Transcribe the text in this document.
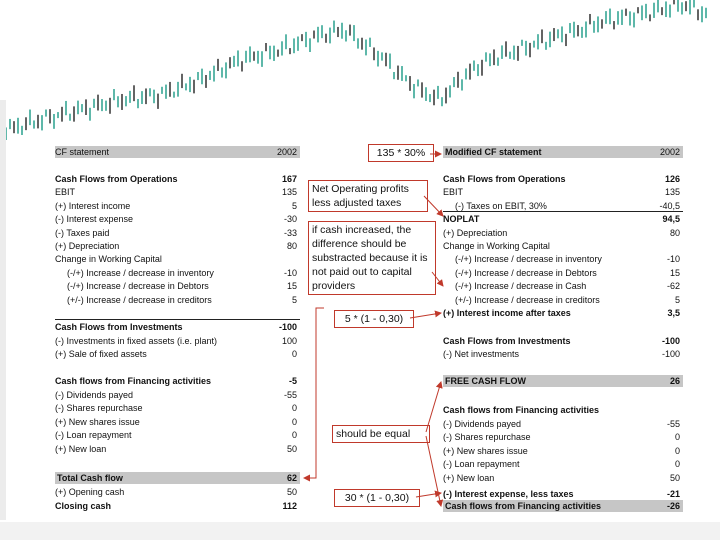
CF statement	2002
Cash Flows from Operations	167
EBIT	135
(+) Interest income	5
(-) Interest expense	-30
(-) Taxes paid	-33
(+) Depreciation	80
Change in Working Capital
(-/+) Increase / decrease in inventory	-10
(-/+) Increase / decrease in Debtors	15
(+/-) Increase / decrease in creditors	5
Cash Flows from Investments	-100
(-) Investments in fixed assets (i.e. plant)	100
(+) Sale of fixed assets	0
Cash flows from Financing activities	-5
(-) Dividends payed	-55
(-) Shares repurchase	0
(+) New shares issue	0
(-) Loan repayment	0
(+) New loan	50
Total Cash flow	62
(+) Opening cash	50
Closing cash	112
Modified CF statement	2002
Cash Flows from Operations	126
EBIT	135
(-) Taxes on EBIT, 30%	-40,5
NOPLAT	94,5
(+) Depreciation	80
Change in Working Capital
(-/+) Increase / decrease in inventory	-10
(-/+) Increase / decrease in Debtors	15
(-/+) Increase / decrease in Cash	-62
(+/-) Increase / decrease in creditors	5
(+) Interest income after taxes	3,5
Cash Flows from Investments	-100
(-) Net investments	-100
FREE CASH FLOW	26
Cash flows from Financing activities
(-) Dividends payed	-55
(-) Shares repurchase	0
(+) New shares issue	0
(-) Loan repayment	0
(+) New loan	50
(-) Interest expense, less taxes	-21
Cash flows from Financing activities	-26
135 * 30%
Net Operating profits less adjusted taxes
if cash increased, the difference should be substracted because it is not paid out to capital providers
5 * (1 - 0,30)
should be equal
30 * (1 - 0,30)
